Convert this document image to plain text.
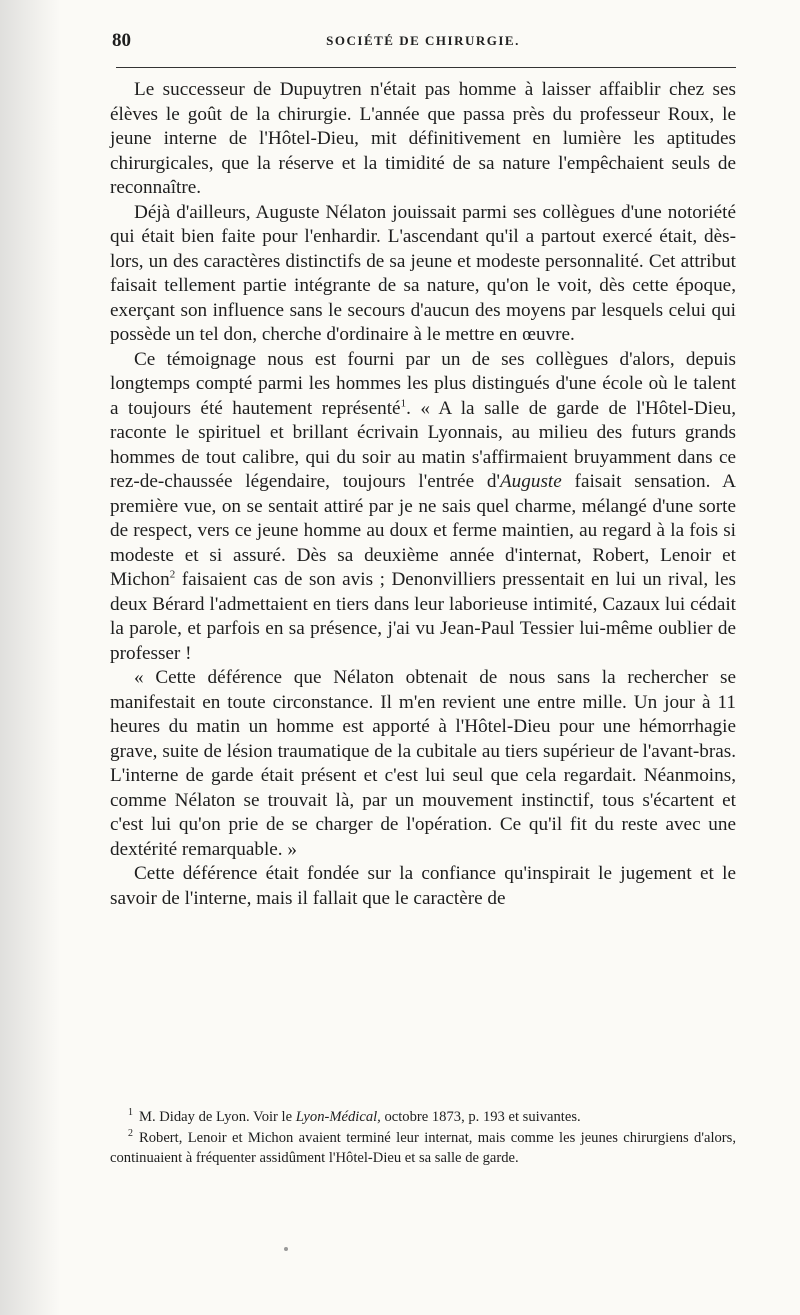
80	SOCIÉTÉ DE CHIRURGIE.

Le successeur de Dupuytren n'était pas homme à laisser affaiblir chez ses élèves le goût de la chirurgie. L'année que passa près du professeur Roux, le jeune interne de l'Hôtel-Dieu, mit définitivement en lumière les aptitudes chirurgicales, que la réserve et la timidité de sa nature l'empêchaient seuls de reconnaître.

Déjà d'ailleurs, Auguste Nélaton jouissait parmi ses collègues d'une notoriété qui était bien faite pour l'enhardir. L'ascendant qu'il a partout exercé était, dès-lors, un des caractères distinctifs de sa jeune et modeste personnalité. Cet attribut faisait tellement partie intégrante de sa nature, qu'on le voit, dès cette époque, exerçant son influence sans le secours d'aucun des moyens par lesquels celui qui possède un tel don, cherche d'ordinaire à le mettre en œuvre.

Ce témoignage nous est fourni par un de ses collègues d'alors, depuis longtemps compté parmi les hommes les plus distingués d'une école où le talent a toujours été hautement représenté$^1$. « A la salle de garde de l'Hôtel-Dieu, raconte le spirituel et brillant écrivain Lyonnais, au milieu des futurs grands hommes de tout calibre, qui du soir au matin s'affirmaient bruyamment dans ce rez-de-chaussée légendaire, toujours l'entrée d'Auguste faisait sensation. A première vue, on se sentait attiré par je ne sais quel charme, mélangé d'une sorte de respect, vers ce jeune homme au doux et ferme maintien, au regard à la fois si modeste et si assuré. Dès sa deuxième année d'internat, Robert, Lenoir et Michon$^2$ faisaient cas de son avis ; Denonvilliers pressentait en lui un rival, les deux Bérard l'admettaient en tiers dans leur laborieuse intimité, Cazaux lui cédait la parole, et parfois en sa présence, j'ai vu Jean-Paul Tessier lui-même oublier de professer !

« Cette déférence que Nélaton obtenait de nous sans la rechercher se manifestait en toute circonstance. Il m'en revient une entre mille. Un jour à 11 heures du matin un homme est apporté à l'Hôtel-Dieu pour une hémorrhagie grave, suite de lésion traumatique de la cubitale au tiers supérieur de l'avant-bras. L'interne de garde était présent et c'est lui seul que cela regardait. Néanmoins, comme Nélaton se trouvait là, par un mouvement instinctif, tous s'écartent et c'est lui qu'on prie de se charger de l'opération. Ce qu'il fit du reste avec une dextérité remarquable. »

Cette déférence était fondée sur la confiance qu'inspirait le jugement et le savoir de l'interne, mais il fallait que le caractère de

$^1$ M. Diday de Lyon. Voir le Lyon-Médical, octobre 1873, p. 193 et suivantes.

$^2$ Robert, Lenoir et Michon avaient terminé leur internat, mais comme les jeunes chirurgiens d'alors, continuaient à fréquenter assidûment l'Hôtel-Dieu et sa salle de garde.
